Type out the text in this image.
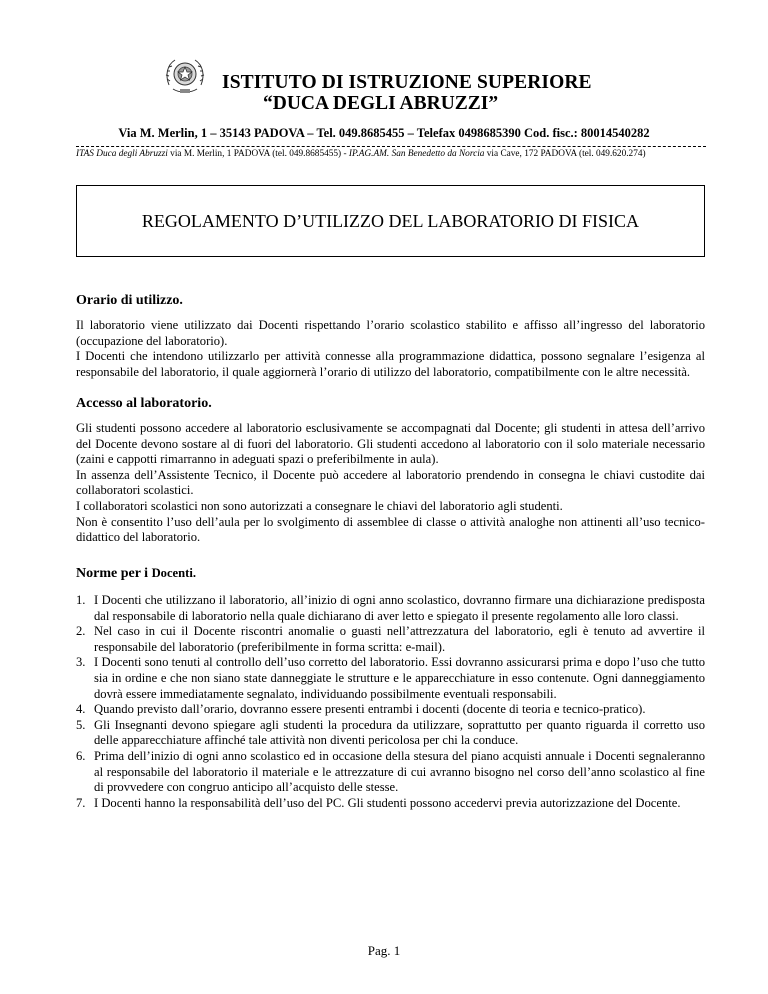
ISTITUTO DI ISTRUZIONE SUPERIORE
“DUCA DEGLI ABRUZZI”
Via M. Merlin, 1 – 35143 PADOVA – Tel. 049.8685455 – Telefax 0498685390 Cod. fisc.: 80014540282
ITAS Duca degli Abruzzi via M. Merlin, 1 PADOVA (tel. 049.8685455) - IP.AG.AM. San Benedetto da Norcia via Cave, 172 PADOVA (tel. 049.620.274)
REGOLAMENTO D’UTILIZZO DEL LABORATORIO DI FISICA
Orario di utilizzo.

Il laboratorio viene utilizzato dai Docenti rispettando l’orario scolastico stabilito e affisso all’ingresso del laboratorio (occupazione del laboratorio).

I Docenti che intendono utilizzarlo per attività connesse alla programmazione didattica, possono segnalare l’esigenza al responsabile del laboratorio, il quale aggiornerà l’orario di utilizzo del laboratorio, compatibilmente con le altre necessità.

Accesso al laboratorio.

Gli studenti possono accedere al laboratorio esclusivamente se accompagnati dal Docente; gli studenti in attesa dell’arrivo del Docente devono sostare al di fuori del laboratorio. Gli studenti accedono al laboratorio con il solo materiale necessario (zaini e cappotti rimarranno in adeguati spazi o preferibilmente in aula).

In assenza dell’Assistente Tecnico, il Docente può accedere al laboratorio prendendo in consegna le chiavi custodite dai collaboratori scolastici.

I collaboratori scolastici non sono autorizzati a consegnare le chiavi del laboratorio agli studenti.

Non è consentito l’uso dell’aula per lo svolgimento di assemblee di classe o attività analoghe non attinenti all’uso tecnico-didattico del laboratorio.

Norme per i Docenti.
1. I Docenti che utilizzano il laboratorio, all’inizio di ogni anno scolastico, dovranno firmare una dichiarazione predisposta dal responsabile di laboratorio nella quale dichiarano di aver letto e spiegato il presente regolamento alle loro classi.
2. Nel caso in cui il Docente riscontri anomalie o guasti nell’attrezzatura del laboratorio, egli è tenuto ad avvertire il responsabile del laboratorio (preferibilmente in forma scritta: e-mail).
3. I Docenti sono tenuti al controllo dell’uso corretto del laboratorio. Essi dovranno assicurarsi prima e dopo l’uso che tutto sia in ordine e che non siano state danneggiate le strutture e le apparecchiature in esso contenute. Ogni danneggiamento dovrà essere immediatamente segnalato, individuando possibilmente eventuali responsabili.
4. Quando previsto dall’orario, dovranno essere presenti entrambi i docenti (docente di teoria e tecnico-pratico).
5. Gli Insegnanti devono spiegare agli studenti la procedura da utilizzare, soprattutto per quanto riguarda il corretto uso delle apparecchiature affinché tale attività non diventi pericolosa per chi la conduce.
6. Prima dell’inizio di ogni anno scolastico ed in occasione della stesura del piano acquisti annuale i Docenti segnaleranno al responsabile del laboratorio il materiale e le attrezzature di cui avranno bisogno nel corso dell’anno scolastico al fine di provvedere con congruo anticipo all’acquisto delle stesse.
7. I Docenti hanno la responsabilità dell’uso del PC. Gli studenti possono accedervi previa autorizzazione del Docente.
Pag. 1
